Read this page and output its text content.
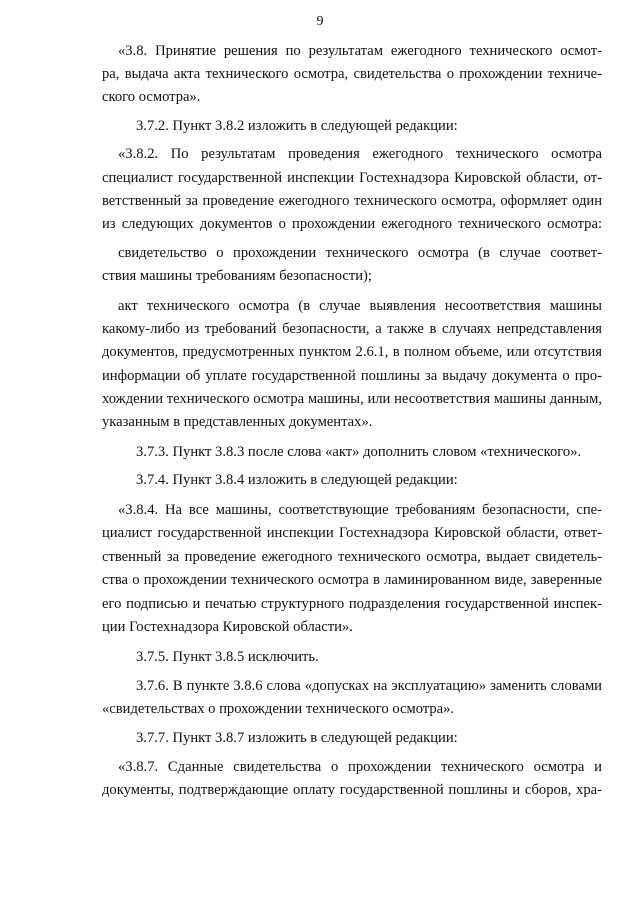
9
«3.8. Принятие решения по результатам ежегодного технического осмот-
ра, выдача акта технического осмотра, свидетельства о прохождении техниче-
ского осмотра».
3.7.2. Пункт 3.8.2 изложить в следующей редакции:
«3.8.2. По результатам проведения ежегодного технического осмотра
специалист государственной инспекции Гостехнадзора Кировской области, от-
ветственный за проведение ежегодного технического осмотра, оформляет один
из следующих документов о прохождении ежегодного технического осмотра:
свидетельство о прохождении технического осмотра (в случае соответ-
ствия машины требованиям безопасности);
акт технического осмотра (в случае выявления несоответствия машины
какому-либо из требований безопасности, а также в случаях непредставления
документов, предусмотренных пунктом 2.6.1, в полном объеме, или отсутствия
информации об уплате государственной пошлины за выдачу документа о про-
хождении технического осмотра машины, или несоответствия машины данным,
указанным в представленных документах».
3.7.3. Пункт 3.8.3 после слова «акт» дополнить словом «технического».
3.7.4. Пункт 3.8.4 изложить в следующей редакции:
«3.8.4. На все машины, соответствующие требованиям безопасности, спе-
циалист государственной инспекции Гостехнадзора Кировской области, ответ-
ственный за проведение ежегодного технического осмотра, выдает свидетель-
ства о прохождении технического осмотра в ламинированном виде, заверенные
его подписью и печатью структурного подразделения государственной инспек-
ции Гостехнадзора Кировской области».
3.7.5. Пункт 3.8.5 исключить.
3.7.6. В пункте 3.8.6 слова «допусках на эксплуатацию» заменить словами
«свидетельствах о прохождении технического осмотра».
3.7.7. Пункт 3.8.7 изложить в следующей редакции:
«3.8.7. Сданные свидетельства о прохождении технического осмотра и
документы, подтверждающие оплату государственной пошлины и сборов, хра-
